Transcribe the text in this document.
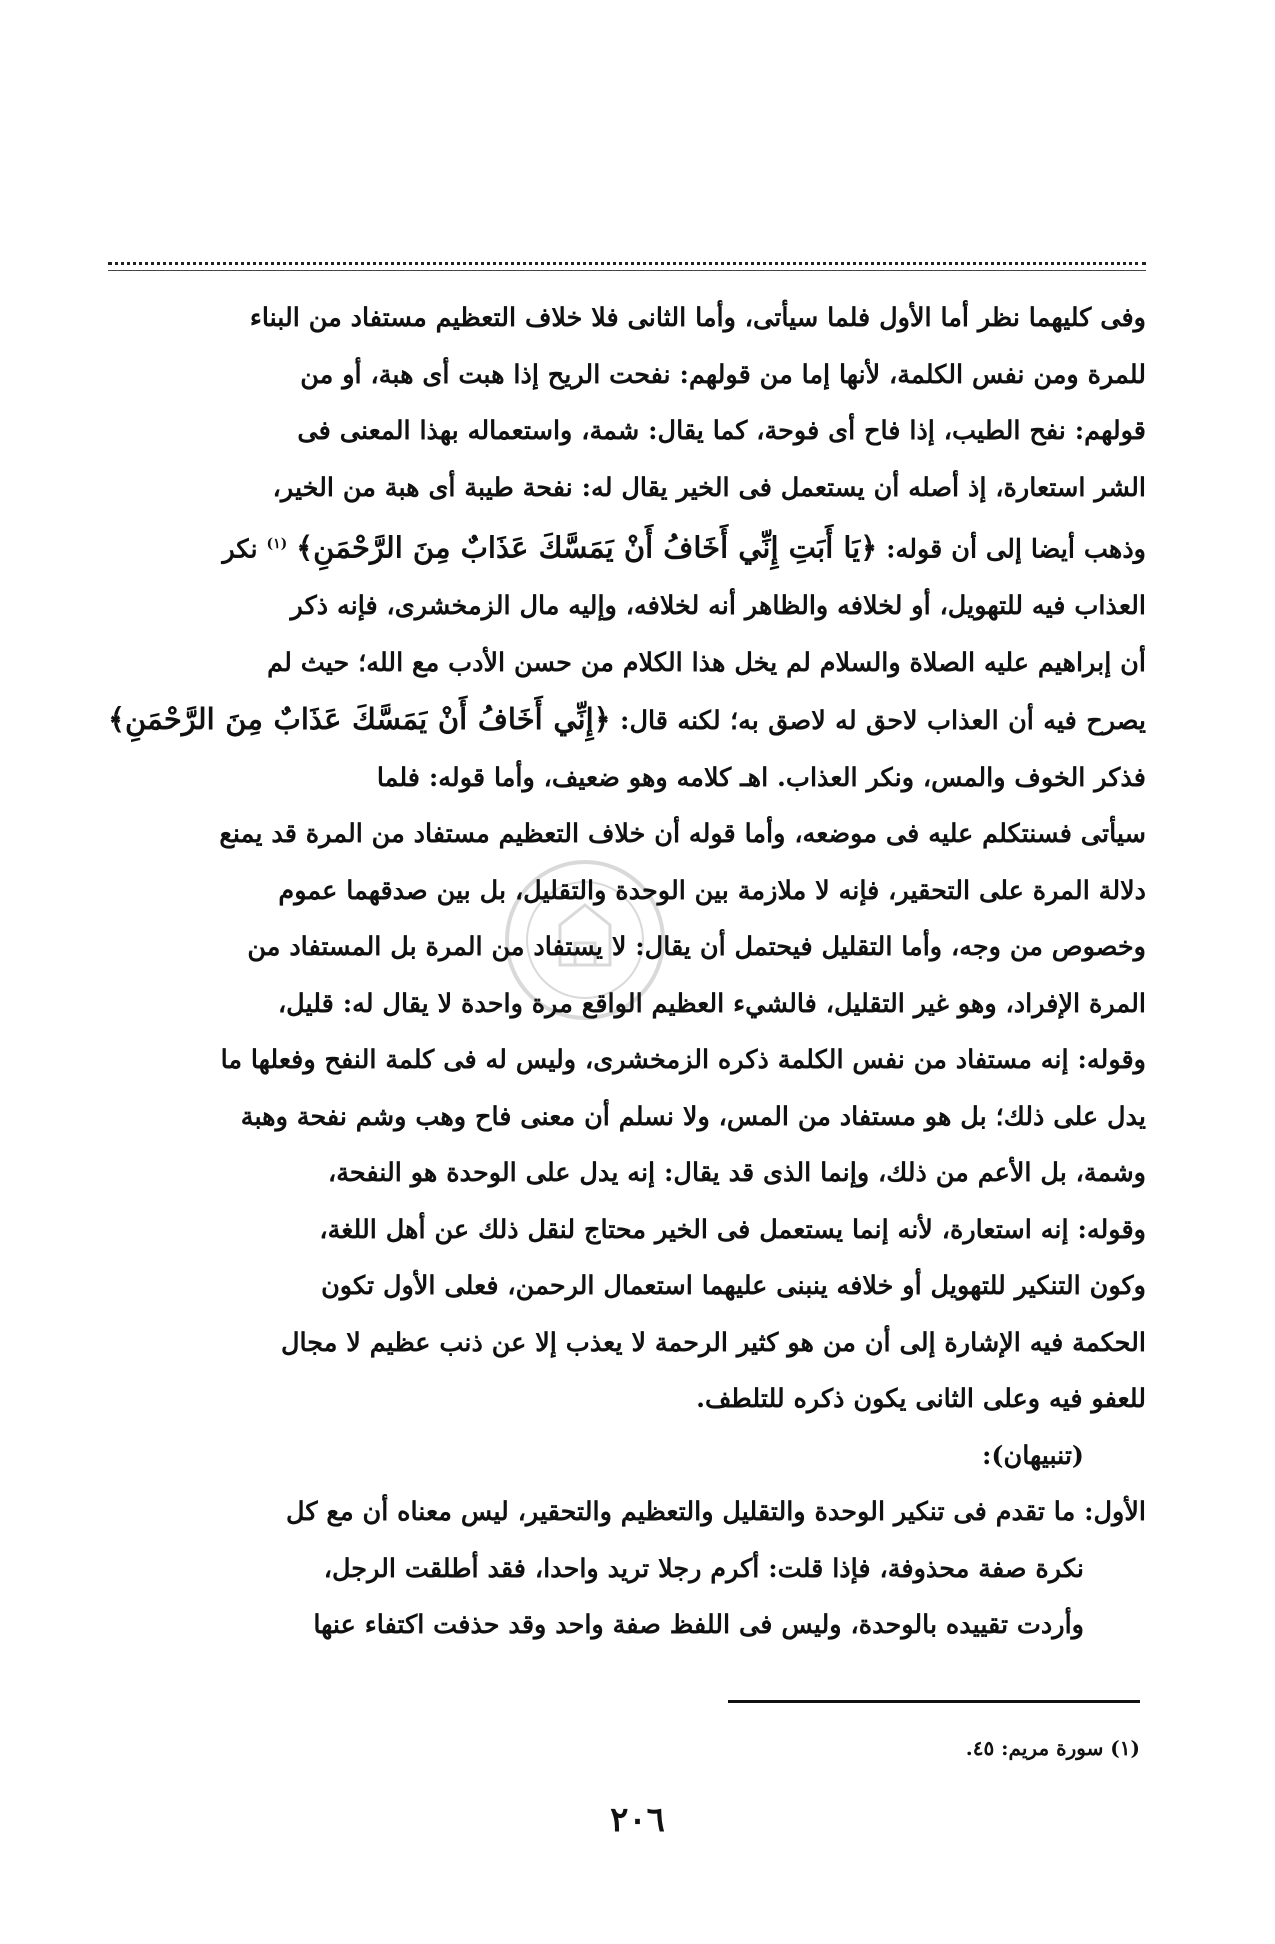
وفى كليهما نظر أما الأول فلما سيأتى، وأما الثانى فلا خلاف التعظيم مستفاد من البناء

للمرة ومن نفس الكلمة، لأنها إما من قولهم: نفحت الريح إذا هبت أى هبة، أو من

قولهم: نفح الطيب، إذا فاح أى فوحة، كما يقال: شمة، واستعماله بهذا المعنى فى

الشر استعارة، إذ أصله أن يستعمل فى الخير يقال له: نفحة طيبة أى هبة من الخير،

وذهب أيضا إلى أن قوله: ﴿يَا أَبَتِ إِنِّي أَخَافُ أَنْ يَمَسَّكَ عَذَابٌ مِنَ الرَّحْمَنِ﴾ $^{(١)}$ نكر

العذاب فيه للتهويل، أو لخلافه والظاهر أنه لخلافه، وإليه مال الزمخشرى، فإنه ذكر

أن إبراهيم عليه الصلاة والسلام لم يخل هذا الكلام من حسن الأدب مع الله؛ حيث لم

يصرح فيه أن العذاب لاحق له لاصق به؛ لكنه قال: ﴿إِنِّي أَخَافُ أَنْ يَمَسَّكَ عَذَابٌ مِنَ الرَّحْمَنِ﴾ فذكر الخوف والمس، ونكر العذاب. اهـ كلامه وهو ضعيف، وأما قوله: فلما

سيأتى فسنتكلم عليه فى موضعه، وأما قوله أن خلاف التعظيم مستفاد من المرة قد يمنع

دلالة المرة على التحقير، فإنه لا ملازمة بين الوحدة والتقليل، بل بين صدقهما عموم

وخصوص من وجه، وأما التقليل فيحتمل أن يقال: لا يستفاد من المرة بل المستفاد من

المرة الإفراد، وهو غير التقليل، فالشيء العظيم الواقع مرة واحدة لا يقال له: قليل،

وقوله: إنه مستفاد من نفس الكلمة ذكره الزمخشرى، وليس له فى كلمة النفح وفعلها ما

يدل على ذلك؛ بل هو مستفاد من المس، ولا نسلم أن معنى فاح وهب وشم نفحة وهبة

وشمة، بل الأعم من ذلك، وإنما الذى قد يقال: إنه يدل على الوحدة هو النفحة،

وقوله: إنه استعارة، لأنه إنما يستعمل فى الخير محتاج لنقل ذلك عن أهل اللغة،

وكون التنكير للتهويل أو خلافه ينبنى عليهما استعمال الرحمن، فعلى الأول تكون

الحكمة فيه الإشارة إلى أن من هو كثير الرحمة لا يعذب إلا عن ذنب عظيم لا مجال

للعفو فيه وعلى الثانى يكون ذكره للتلطف.

(تنبيهان):

الأول: ما تقدم فى تنكير الوحدة والتقليل والتعظيم والتحقير، ليس معناه أن مع كل

نكرة صفة محذوفة، فإذا قلت: أكرم رجلا تريد واحدا، فقد أطلقت الرجل،

وأردت تقييده بالوحدة، وليس فى اللفظ صفة واحد وقد حذفت اكتفاء عنها

(١) سورة مريم: ٤٥.
٢٠٦
